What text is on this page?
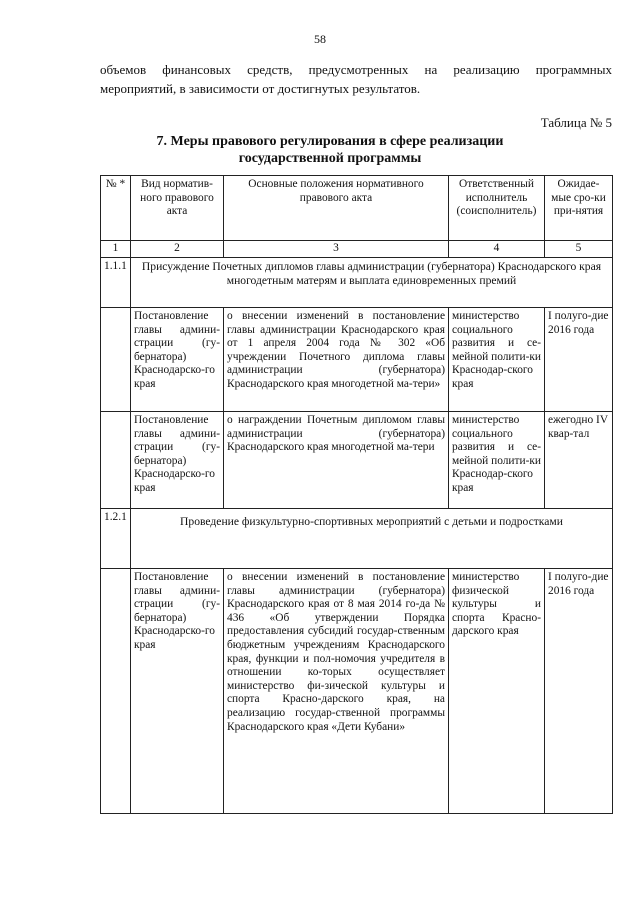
58
объемов финансовых средств, предусмотренных на реализацию программных мероприятий, в зависимости от достигнутых результатов.
Таблица № 5
7. Меры правового регулирования в сфере реализации государственной программы
№ *	Вид норматив-ного правового акта	Основные положения нормативного правового акта	Ответственный исполнитель (соисполнитель)	Ожидае-мые сро-ки при-нятия
1	2	3	4	5
1.1.1	Присуждение Почетных дипломов главы администрации (губернатора) Краснодарского края многодетным матерям и выплата единовременных премий			
	Постановление главы админи-страции (гу-бернатора) Краснодарско-го края	о внесении изменений в постановление главы администрации Краснодарского края от 1 апреля 2004 года № 302 «Об учреждении Почетного диплома главы администрации (губернатора) Краснодарского края многодетной ма-тери»	министерство социального развития и се-мейной полити-ки Краснодар-ского края	I полуго-дие 2016 года
	Постановление главы админи-страции (гу-бернатора) Краснодарско-го края	о награждении Почетным дипломом главы администрации (губернатора) Краснодарского края многодетной ма-тери	министерство социального развития и се-мейной полити-ки Краснодар-ского края	ежегодно IV квар-тал
1.2.1	Проведение физкультурно-спортивных мероприятий с детьми и подростками			
	Постановление главы админи-страции (гу-бернатора) Краснодарско-го края	о внесении изменений в постановление главы администрации (губернатора) Краснодарского края от 8 мая 2014 го-да № 436 «Об утверждении Порядка предоставления субсидий государ-ственным бюджетным учреждениям Краснодарского края, функции и пол-номочия учредителя в отношении ко-торых осуществляет министерство фи-зической культуры и спорта Красно-дарского края, на реализацию государ-ственной программы Краснодарского края «Дети Кубани»	министерство физической культуры и спорта Красно-дарского края	I полуго-дие 2016 года
